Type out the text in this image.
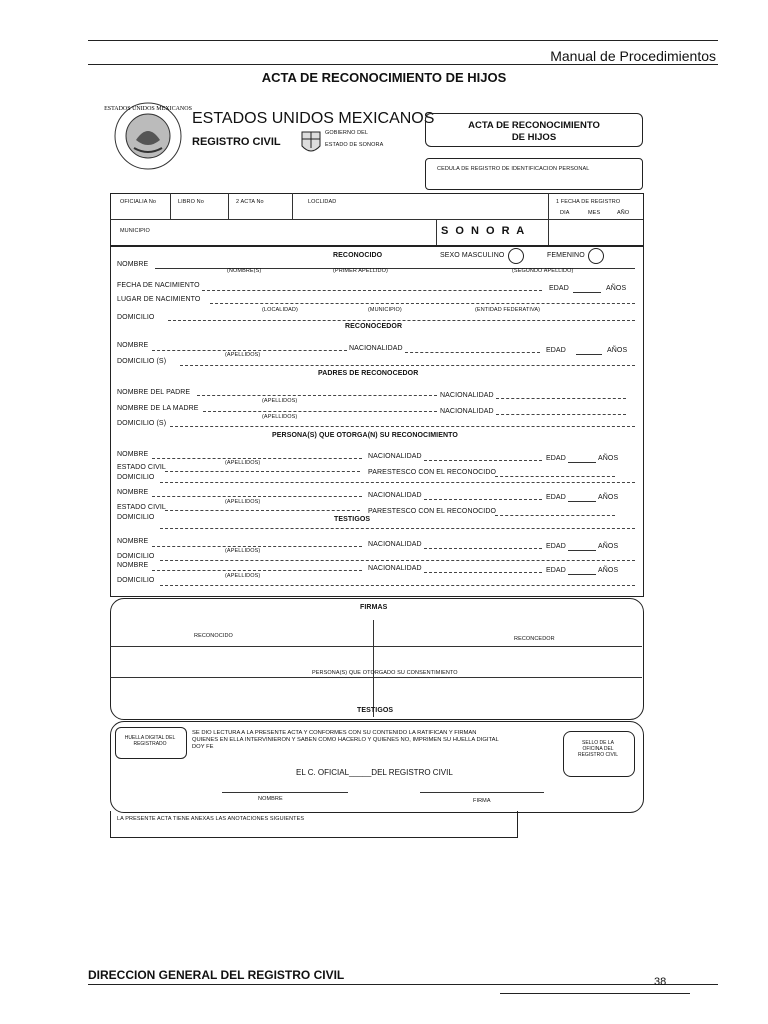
Manual de Procedimientos
ACTA DE RECONOCIMIENTO DE HIJOS
ESTADOS UNIDOS MEXICANOS
ESTADOS UNIDOS MEXICANOS
REGISTRO CIVIL
GOBIERNO DEL
ESTADO DE SONORA
ACTA DE RECONOCIMIENTO
DE HIJOS
CEDULA DE REGISTRO DE IDENTIFICACION PERSONAL
OFICIALIA No	LIBRO No	2 ACTA No	LOCLIDAD	1 FECHA DE REGISTRO
DIA	MES	AÑO
MUNICIPIO	S O N O R A
RECONOCIDO	SEXO MASCULINO	FEMENINO
NOMBRE
(NOMBRE(S)	(PRIMER APELLIDO)	(SEGUNDO APELLIDO)
FECHA DE NACIMIENTO	EDAD	AÑOS
LUGAR DE NACIMIENTO
(LOCALIDAD)	(MUNICIPIO)	(ENTIDAD FEDERATIVA)
DOMICILIO
RECONOCEDOR
NOMBRE	NACIONALIDAD	EDAD	AÑOS
(APELLIDOS)
DOMICILIO (S)
PADRES DE RECONOCEDOR
NOMBRE DEL PADRE	NACIONALIDAD
(APELLIDOS)
NOMBRE DE LA MADRE	NACIONALIDAD
(APELLIDOS)
DOMICILIO (S)
PERSONA(S) QUE OTORGA(N) SU RECONOCIMIENTO
NOMBRE
(APELLIDOS)
NACIONALIDAD	EDAD	AÑOS
ESTADO CIVIL
PARESTESCO CON EL RECONOCIDO
DOMICILIO
NOMBRE
(APELLIDOS)
NACIONALIDAD	EDAD	AÑOS
ESTADO CIVIL
PARESTESCO CON EL RECONOCIDO
DOMICILIO	TESTIGOS
NOMBRE
(APELLIDOS)
NACIONALIDAD	EDAD	AÑOS
DOMICILIO
NOMBRE
(APELLIDOS)
NACIONALIDAD	EDAD	AÑOS
DOMICILIO
FIRMAS
RECONOCIDO	RECONCEDOR
PERSONA(S) QUE OTORGADO SU CONSENTIMIENTO
TESTIGOS
HUELLA DIGITAL DEL REGISTRADO
SE DIO LECTURA A LA PRESENTE ACTA Y CONFORMES CON SU CONTENIDO LA RATIFICAN Y FIRMAN QUIENES EN ELLA INTERVINIERON Y SABEN COMO HACERLO Y QUIENES NO, IMPRIMEN SU HUELLA DIGITAL DOY FE
EL C. OFICIAL_____DEL REGISTRO CIVIL
NOMBRE	FIRMA
SELLO DE LA OFICINA DEL REGISTRO CIVIL
LA PRESENTE ACTA TIENE ANEXAS LAS ANOTACIONES SIGUIENTES
DIRECCION GENERAL DEL REGISTRO CIVIL	38
